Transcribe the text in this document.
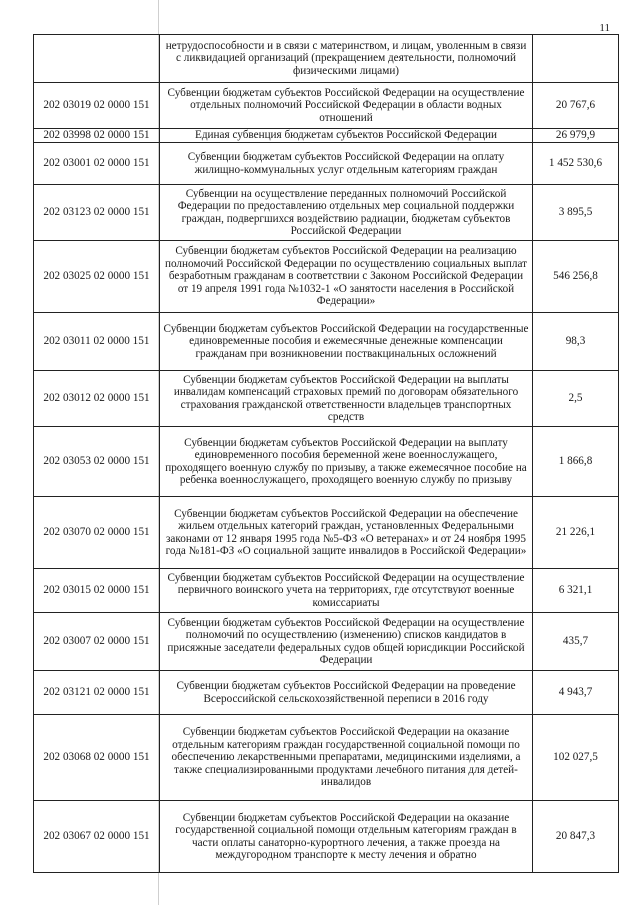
11
	нетрудоспособности и в связи с материнством, и лицам, уволенным в связи с ликвидацией организаций (прекращением деятельности, полномочий физическими лицами)	
202 03019 02 0000 151	Субвенции бюджетам субъектов Российской Федерации на осуществление отдельных полномочий Российской Федерации в области водных отношений	20 767,6
202 03998 02 0000 151	Единая субвенция бюджетам субъектов Российской Федерации	26 979,9
202 03001 02 0000 151	Субвенции бюджетам субъектов Российской Федерации на оплату жилищно-коммунальных услуг отдельным категориям граждан	1 452 530,6
202 03123 02 0000 151	Субвенции на осуществление переданных полномочий Российской Федерации по предоставлению отдельных мер социальной поддержки граждан, подвергшихся воздействию радиации, бюджетам субъектов Российской Федерации	3 895,5
202 03025 02 0000 151	Субвенции бюджетам субъектов Российской Федерации на реализацию полномочий Российской Федерации по осуществлению социальных выплат безработным гражданам в соответствии с Законом Российской Федерации от 19 апреля 1991 года №1032-1 «О занятости населения в Российской Федерации»	546 256,8
202 03011 02 0000 151	Субвенции бюджетам субъектов Российской Федерации на государственные единовременные пособия и ежемесячные денежные компенсации гражданам при возникновении поствакцинальных осложнений	98,3
202 03012 02 0000 151	Субвенции бюджетам субъектов Российской Федерации на выплаты инвалидам компенсаций страховых премий по договорам обязательного страхования гражданской ответственности владельцев транспортных средств	2,5
202 03053 02 0000 151	Субвенции бюджетам субъектов Российской Федерации на выплату единовременного пособия беременной жене военнослужащего, проходящего военную службу по призыву, а также ежемесячное пособие на ребенка военнослужащего, проходящего военную службу по призыву	1 866,8
202 03070 02 0000 151	Субвенции бюджетам субъектов Российской Федерации на обеспечение жильем отдельных категорий граждан, установленных Федеральными законами от 12 января 1995 года №5-ФЗ «О ветеранах» и от 24 ноября 1995 года №181-ФЗ «О социальной защите инвалидов в Российской Федерации»	21 226,1
202 03015 02 0000 151	Субвенции бюджетам субъектов Российской Федерации на осуществление первичного воинского учета на территориях, где отсутствуют военные комиссариаты	6 321,1
202 03007 02 0000 151	Субвенции бюджетам субъектов Российской Федерации на осуществление полномочий по осуществлению (изменению) списков кандидатов в присяжные заседатели федеральных судов общей юрисдикции Российской Федерации	435,7
202 03121 02 0000 151	Субвенции бюджетам субъектов Российской Федерации на проведение Всероссийской сельскохозяйственной переписи в 2016 году	4 943,7
202 03068 02 0000 151	Субвенции бюджетам субъектов Российской Федерации на оказание отдельным категориям граждан государственной социальной помощи по обеспечению лекарственными препаратами, медицинскими изделиями, а также специализированными продуктами лечебного питания для детей-инвалидов	102 027,5
202 03067 02 0000 151	Субвенции бюджетам субъектов Российской Федерации на оказание государственной социальной помощи отдельным категориям граждан в части оплаты санаторно-курортного лечения, а также проезда на междугородном транспорте к месту лечения и обратно	20 847,3
